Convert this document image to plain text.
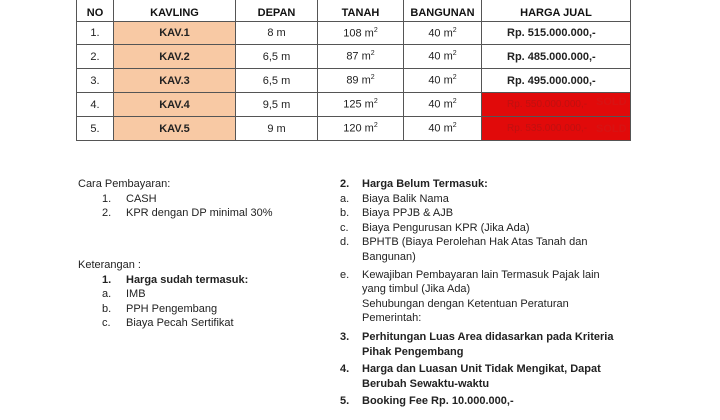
NO	KAVLING	DEPAN	TANAH	BANGUNAN	HARGA JUAL
1.	KAV.1	8 m	108 $m^2$	40 $m^2$	Rp. 515.000.000,-
2.	KAV.2	6,5 m	87 $m^2$	40 $m^2$	Rp. 485.000.000,-
3.	KAV.3	6,5 m	89 $m^2$	40 $m^2$	Rp. 495.000.000,-
4.	KAV.4	9,5 m	125 $m^2$	40 $m^2$	Rp. 550.000.000,-
5.	KAV.5	9 m	120 $m^2$	40 $m^2$	Rp. 535.000.000,-
SOLD
SOLD
Cara Pembayaran:
1.	CASH
2.	KPR dengan DP minimal 30%
Keterangan :
1.	Harga sudah termasuk:
a.	IMB
b.	PPH Pengembang
c.	Biaya Pecah Sertifikat
2.	Harga Belum Termasuk:
a.	Biaya Balik Nama
b.	Biaya PPJB & AJB
c.	Biaya Pengurusan KPR (Jika Ada)
d.	BPHTB (Biaya Perolehan Hak Atas Tanah dan
Bangunan)
e.	Kewajiban Pembayaran lain Termasuk Pajak lain
yang timbul (Jika Ada)
Sehubungan dengan Ketentuan Peraturan
Pemerintah:
3.	Perhitungan Luas Area didasarkan pada Kriteria
Pihak Pengembang
4.	Harga dan Luasan Unit Tidak Mengikat, Dapat
Berubah Sewaktu-waktu
5.	Booking Fee Rp. 10.000.000,-
